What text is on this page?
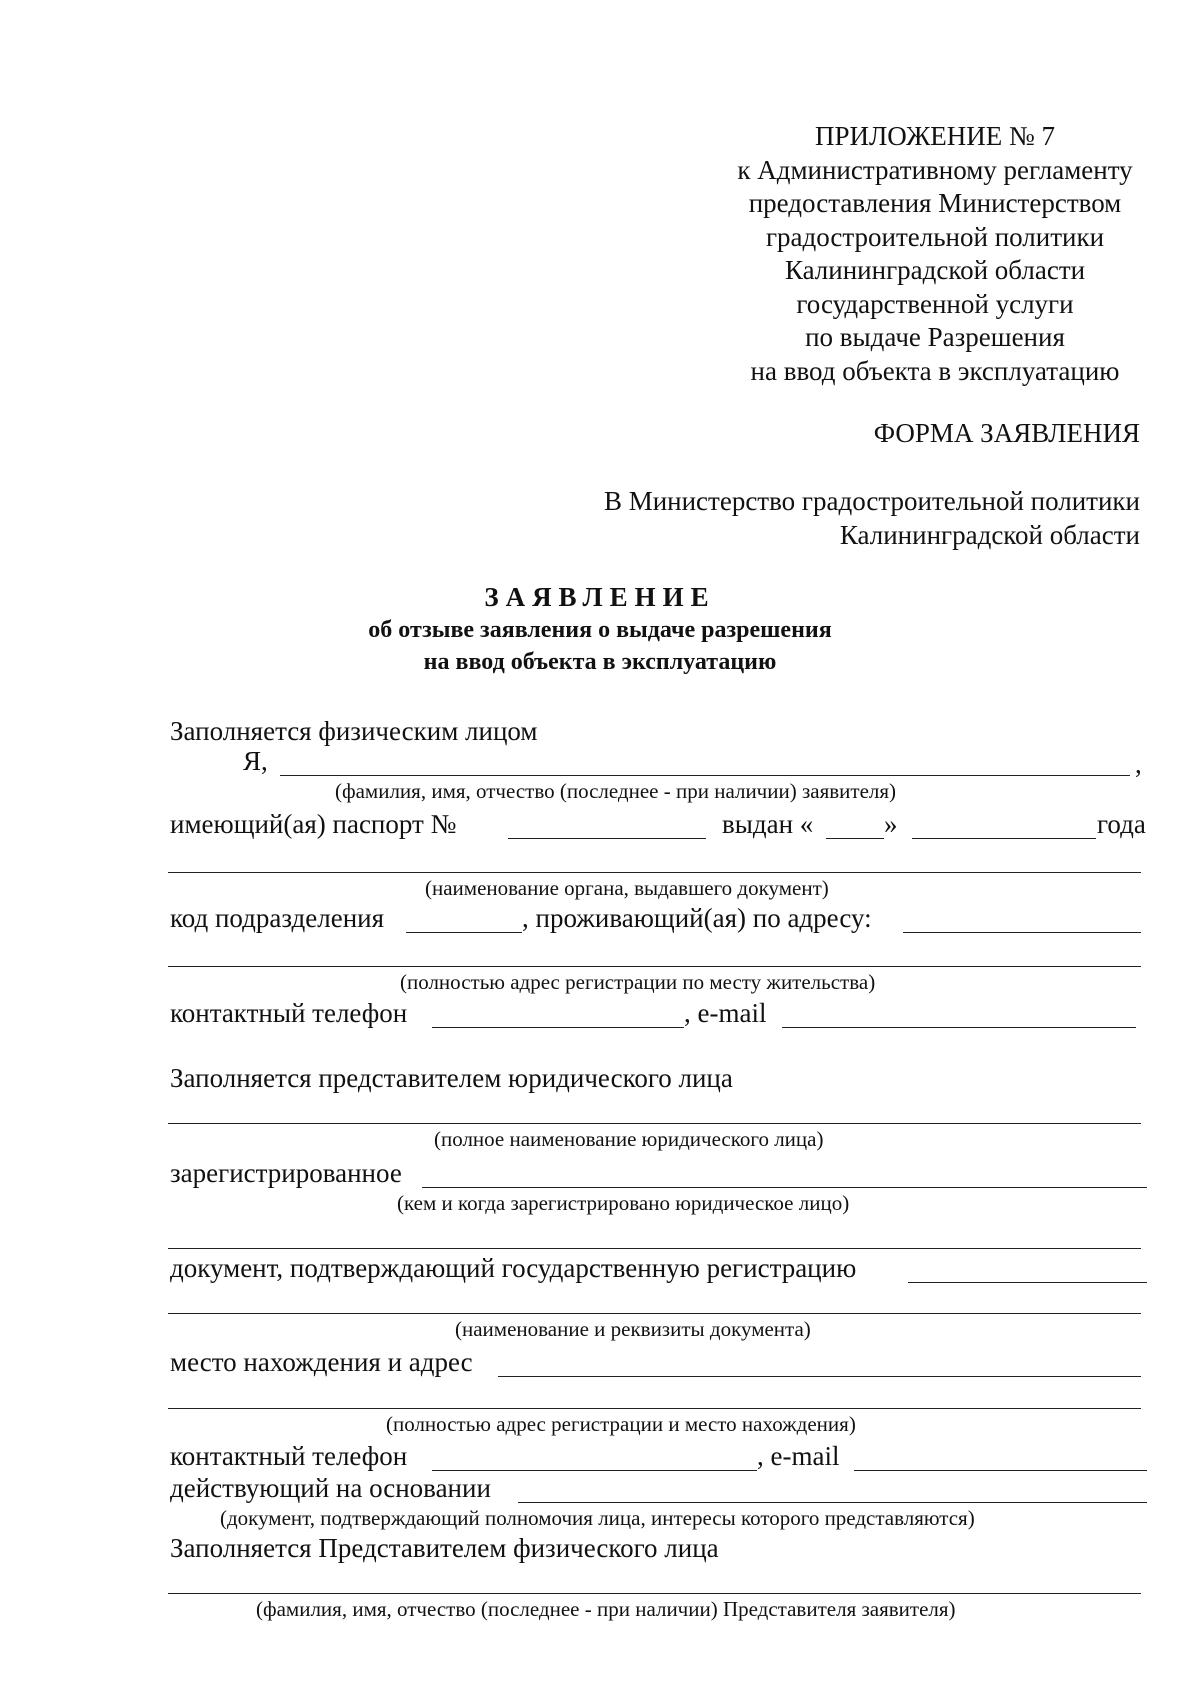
ПРИЛОЖЕНИЕ № 7
к Административному регламенту
предоставления Министерством
градостроительной политики
Калининградской области
государственной услуги
по выдаче Разрешения
на ввод объекта в эксплуатацию
ФОРМА ЗАЯВЛЕНИЯ
В Министерство градостроительной политики
Калининградской области
ЗАЯВЛЕНИЕ
об отзыве заявления о выдаче разрешения
на ввод объекта в эксплуатацию
Заполняется физическим лицом
Я,	,
(фамилия, имя, отчество (последнее - при наличии) заявителя)
имеющий(ая) паспорт №	выдан «	»	года
(наименование органа, выдавшего документ)
код подразделения	, проживающий(ая) по адресу:
(полностью адрес регистрации по месту жительства)
контактный телефон	, e-mail
Заполняется представителем юридического лица
(полное наименование юридического лица)
зарегистрированное
(кем и когда зарегистрировано юридическое лицо)
документ, подтверждающий государственную регистрацию
(наименование и реквизиты документа)
место нахождения и адрес
(полностью адрес регистрации и место нахождения)
контактный телефон	, e-mail
действующий на основании
(документ, подтверждающий полномочия лица, интересы которого представляются)
Заполняется Представителем физического лица
(фамилия, имя, отчество (последнее - при наличии) Представителя заявителя)
